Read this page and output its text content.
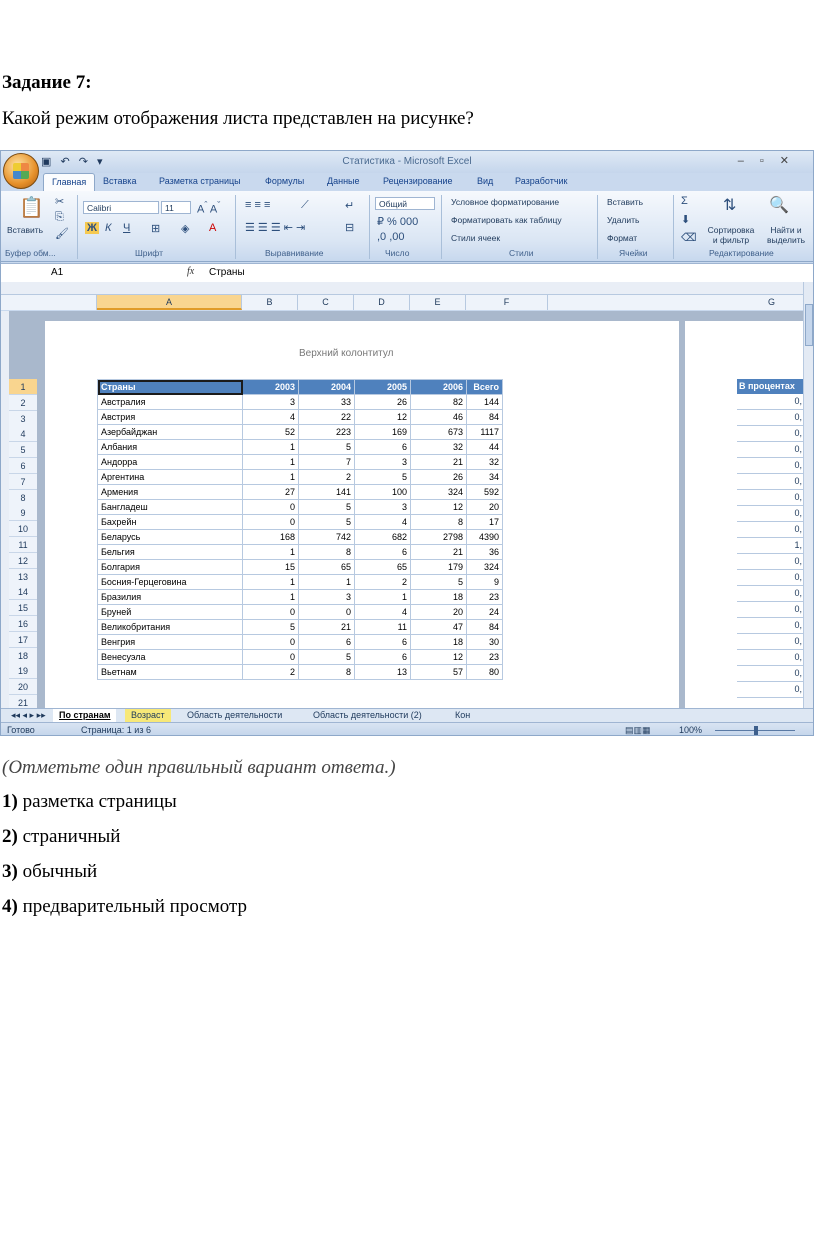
Задание 7:
Какой режим отображения листа представлен на рисунке?
▣ ↶ ↷ ▾	Статистика - Microsoft Excel	–▫✕
Главная	Вставка	Разметка страницы	Формулы	Данные	Рецензирование	Вид Разработчик
📋
Вставить
✂
⎘
🖌
Calibri	11	$A^ˆ$ $A^ˇ$
Ж К Ч ⊞ ◈ A
≡ ≡ ≡	⟋	↵
☰ ☰ ☰ ⇤ ⇥	⊟
Общий
₽ % 000
,0 ,00
Условное форматирование
Форматировать как таблицу
Стили ячеек
Вставить
Удалить
Формат
Σ
⬇
⌫
⇅ 🔍
Сортировка и фильтр
Найти и выделить
Буфер обм...	Шрифт	Выравнивание	Число	Стили	Ячейки	Редактирование
A1	fx Страны
A	B	C	D	E	F	G
Верхний колонтитул
1
2
3
4
5
6
7
8
9
10
11
12
13
14
15
16
17
18
19
20
21
Страны	2003	2004	2005	2006	Всего
Австралия	3	33	26	82	144
Австрия	4	22	12	46	84
Азербайджан	52	223	169	673	1117
Албания	1	5	6	32	44
Андорра	1	7	3	21	32
Аргентина	1	2	5	26	34
Армения	27	141	100	324	592
Бангладеш	0	5	3	12	20
Бахрейн	0	5	4	8	17
Беларусь	168	742	682	2798	4390
Бельгия	1	8	6	21	36
Болгария	15	65	65	179	324
Босния-Герцеговина	1	1	2	5	9
Бразилия	1	3	1	18	23
Бруней	0	0	4	20	24
Великобритания	5	21	11	47	84
Венгрия	0	6	6	18	30
Венесуэла	0	5	6	12	23
Вьетнам	2	8	13	57	80
В процентах
0,
0,
0,
0,
0,
0,
0,
0,
0,
1,
0,
0,
0,
0,
0,
0,
0,
0,
0,
◂◂ ◂ ▸ ▸▸	По странам	Возраст	Область деятельности	Область деятельности (2)	Кон
Готово	Страница: 1 из 6	▤▥▦	100%
(Отметьте один правильный вариант ответа.)
1) разметка страницы
2) страничный
3) обычный
4) предварительный просмотр
